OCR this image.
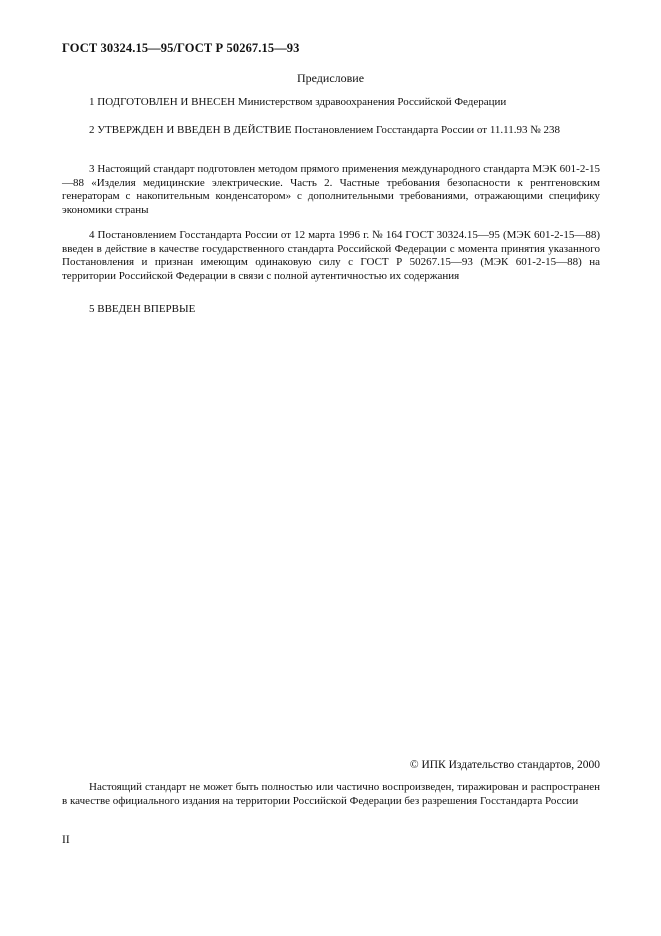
ГОСТ 30324.15—95/ГОСТ Р 50267.15—93
Предисловие

1 ПОДГОТОВЛЕН И ВНЕСЕН Министерством здравоохранения Российской Федерации

2 УТВЕРЖДЕН И ВВЕДЕН В ДЕЙСТВИЕ Постановлением Госстандарта России от 11.11.93 № 238

3 Настоящий стандарт подготовлен методом прямого применения международного стандарта МЭК 601-2-15—88 «Изделия медицинские электрические. Часть 2. Частные требования безопасности к рентгеновским генераторам с накопительным конденсатором» с дополнительными требованиями, отражающими специфику экономики страны

4 Постановлением Госстандарта России от 12 марта 1996 г. № 164 ГОСТ 30324.15—95 (МЭК 601-2-15—88) введен в действие в качестве государственного стандарта Российской Федерации с момента принятия указанного Постановления и признан имеющим одинаковую силу с ГОСТ Р 50267.15—93 (МЭК 601-2-15—88) на территории Российской Федерации в связи с полной аутентичностью их содержания

5 ВВЕДЕН ВПЕРВЫЕ

© ИПК Издательство стандартов, 2000

Настоящий стандарт не может быть полностью или частично воспроизведен, тиражирован и распространен в качестве официального издания на территории Российской Федерации без разрешения Госстандарта России

II
